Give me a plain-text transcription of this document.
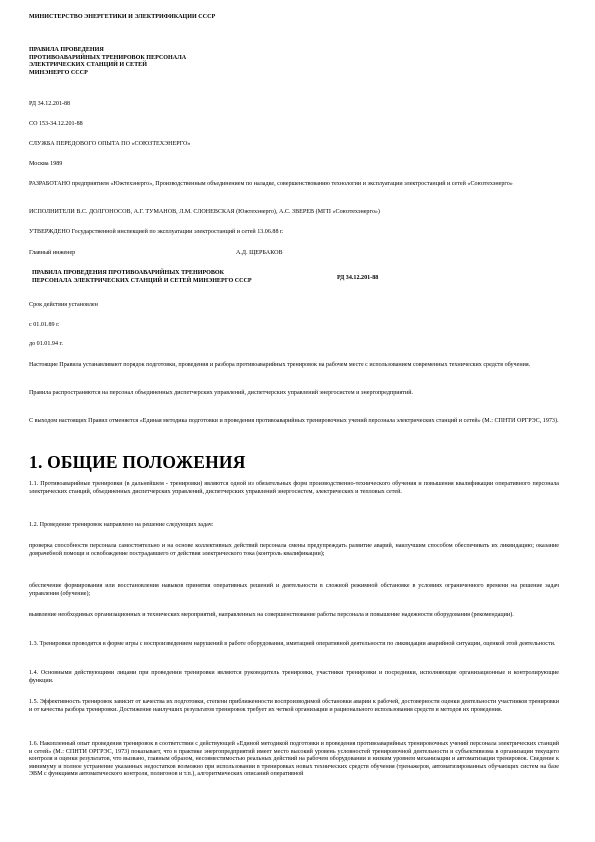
МИНИСТЕРСТВО ЭНЕРГЕТИКИ И ЭЛЕКТРИФИКАЦИИ СССР

ПРАВИЛА ПРОВЕДЕНИЯ

ПРОТИВОАВАРИЙНЫХ ТРЕНИРОВОК ПЕРСОНАЛА

ЭЛЕКТРИЧЕСКИХ СТАНЦИЙ И СЕТЕЙ

МИНЭНЕРГО СССР

РД 34.12.201-88

СО 153-34.12.201-88

СЛУЖБА ПЕРЕДОВОГО ОПЫТА ПО «СОЮЗТЕХЭНЕРГО»

Москва 1989

РАЗРАБОТАНО предприятием «Южтехэнерго», Производственным объединением по наладке, совершенствованию технологии и эксплуатации электростанций и сетей «Союзтехэнерго»

ИСПОЛНИТЕЛИ В.С. ДОЛГОНОСОВ, А.Г. ТУМАНОВ, Л.М. СЛОНЕВСКАЯ (Южтехэнерго), А.С. ЗВЕРЕВ (МГП «Союзтехэнерго»)

УТВЕРЖДЕНО Государственной инспекцией по эксплуатации электростанций и сетей 13.06.88 г.

Главный инженер	А.Д. ЩЕРБАКОВ

ПРАВИЛА ПРОВЕДЕНИЯ ПРОТИВОАВАРИЙНЫХ ТРЕНИРОВОК

ПЕРСОНАЛА ЭЛЕКТРИЧЕСКИХ СТАНЦИЙ И СЕТЕЙ МИНЭНЕРГО СССР	РД 34.12.201-88

Срок действия установлен

с 01.01.89 г.

до 01.01.94 г.

Настоящие Правила устанавливают порядок подготовки, проведения и разбора противоаварийных тренировок на рабочем месте с использованием современных технических средств обучения.

Правила распространяются на персонал объединенных диспетчерских управлений, диспетчерских управлений энергосистем и энергопредприятий.

С выходом настоящих Правил отменяется «Единая методика подготовки и проведения противоаварийных тренировочных учений персонала электрических станций и сетей» (М.: СПНТИ ОРГРЭС, 1973).

1. ОБЩИЕ ПОЛОЖЕНИЯ

1.1. Противоаварийные тренировки (в дальнейшем - тренировки) являются одной из обязательных форм производственно-технического обучения и повышения квалификации оперативного персонала электрических станций, объединенных диспетчерских управлений, диспетчерских управлений энергосистем, электрических и тепловых сетей.

1.2. Проведение тренировок направлено на решение следующих задач:

проверка способности персонала самостоятельно и на основе коллективных действий персонала смены предупреждать развитие аварий, наилучшим способом обеспечивать их ликвидацию; оказание доврачебной помощи и освобождение пострадавшего от действия электрического тока (контроль квалификации);

обеспечение формирования или восстановления навыков принятия оперативных решений и деятельности в сложной режимной обстановке в условиях ограниченного времени на решение задач управления (обучение);

выявление необходимых организационных и технических мероприятий, направленных на совершенствование работы персонала и повышение надежности оборудования (рекомендации).

1.3. Тренировки проводятся в форме игры с воспроизведением нарушений в работе оборудования, имитацией оперативной деятельности по ликвидации аварийной ситуации, оценкой этой деятельности.

1.4. Основными действующими лицами при проведении тренировки являются руководитель тренировки, участники тренировки и посредники, исполняющие организационные и контролирующие функции.

1.5. Эффективность тренировок зависит от качества их подготовки, степени приближенности воспроизводимой обстановки аварии к рабочей, достоверности оценки деятельности участников тренировки и от качества разбора тренировки. Достижение наилучших результатов тренировок требует их четкой организации и рационального использования средств и методов их проведения.

1.6. Накопленный опыт проведения тренировок в соответствии с действующей «Единой методикой подготовки и проведения противоаварийных тренировочных учений персонала электрических станций и сетей» (М.: СПНТИ ОРГРЭС, 1973) показывает, что в практике энергопредприятий имеет место высокий уровень условностей тренировочной деятельности и субъективизма в организации текущего контроля и оценки результатов, что вызвано, главным образом, несовместимостью реальных действий на рабочем оборудовании и низким уровнем механизации и автоматизации тренировок. Сведение к минимуму и полное устранение указанных недостатков возможно при использовании в тренировках новых технических средств обучения (тренажеров, автоматизированных обучающих систем на базе ЭВМ с функциями автоматического контроля, полигонов и т.п.), алгоритмических описаний оперативной
